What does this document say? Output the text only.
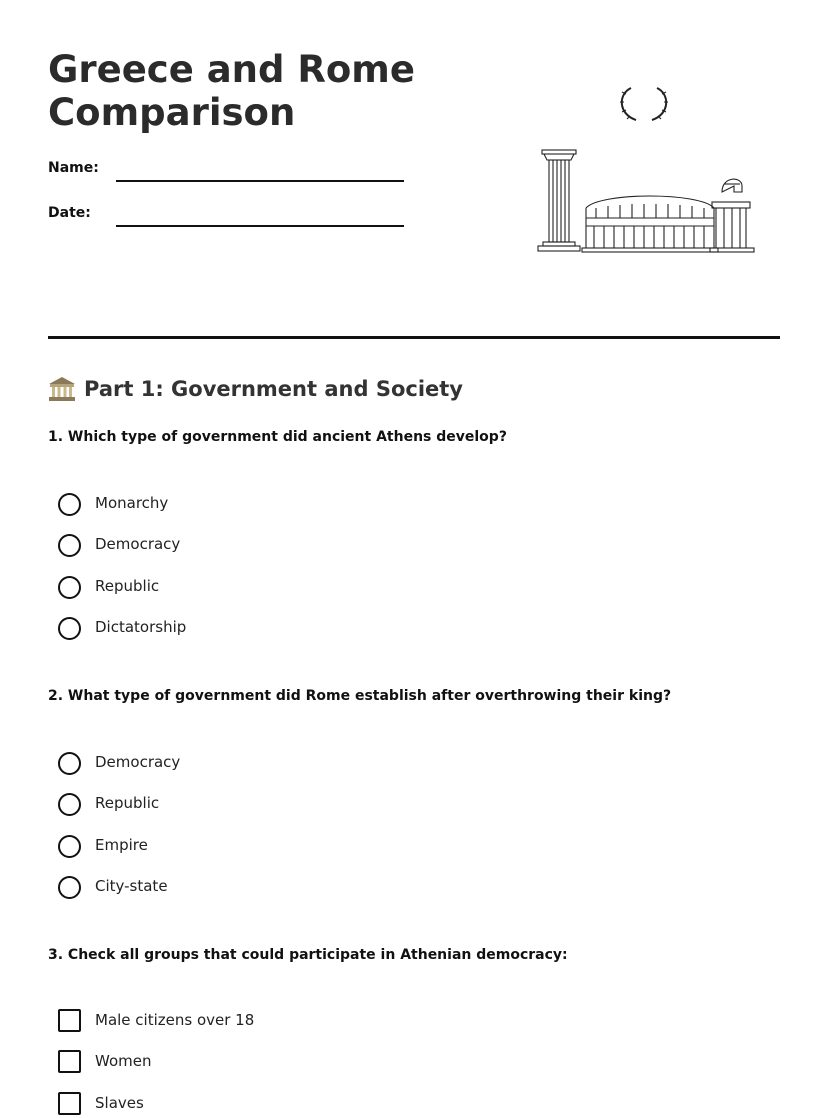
Greece and Rome Comparison
Name:
Date:
Part 1: Government and Society

1. Which type of government did ancient Athens develop?

Monarchy
Democracy
Republic
Dictatorship

2. What type of government did Rome establish after overthrowing their king?

Democracy
Republic
Empire
City-state

3. Check all groups that could participate in Athenian democracy:

Male citizens over 18
Women
Slaves
